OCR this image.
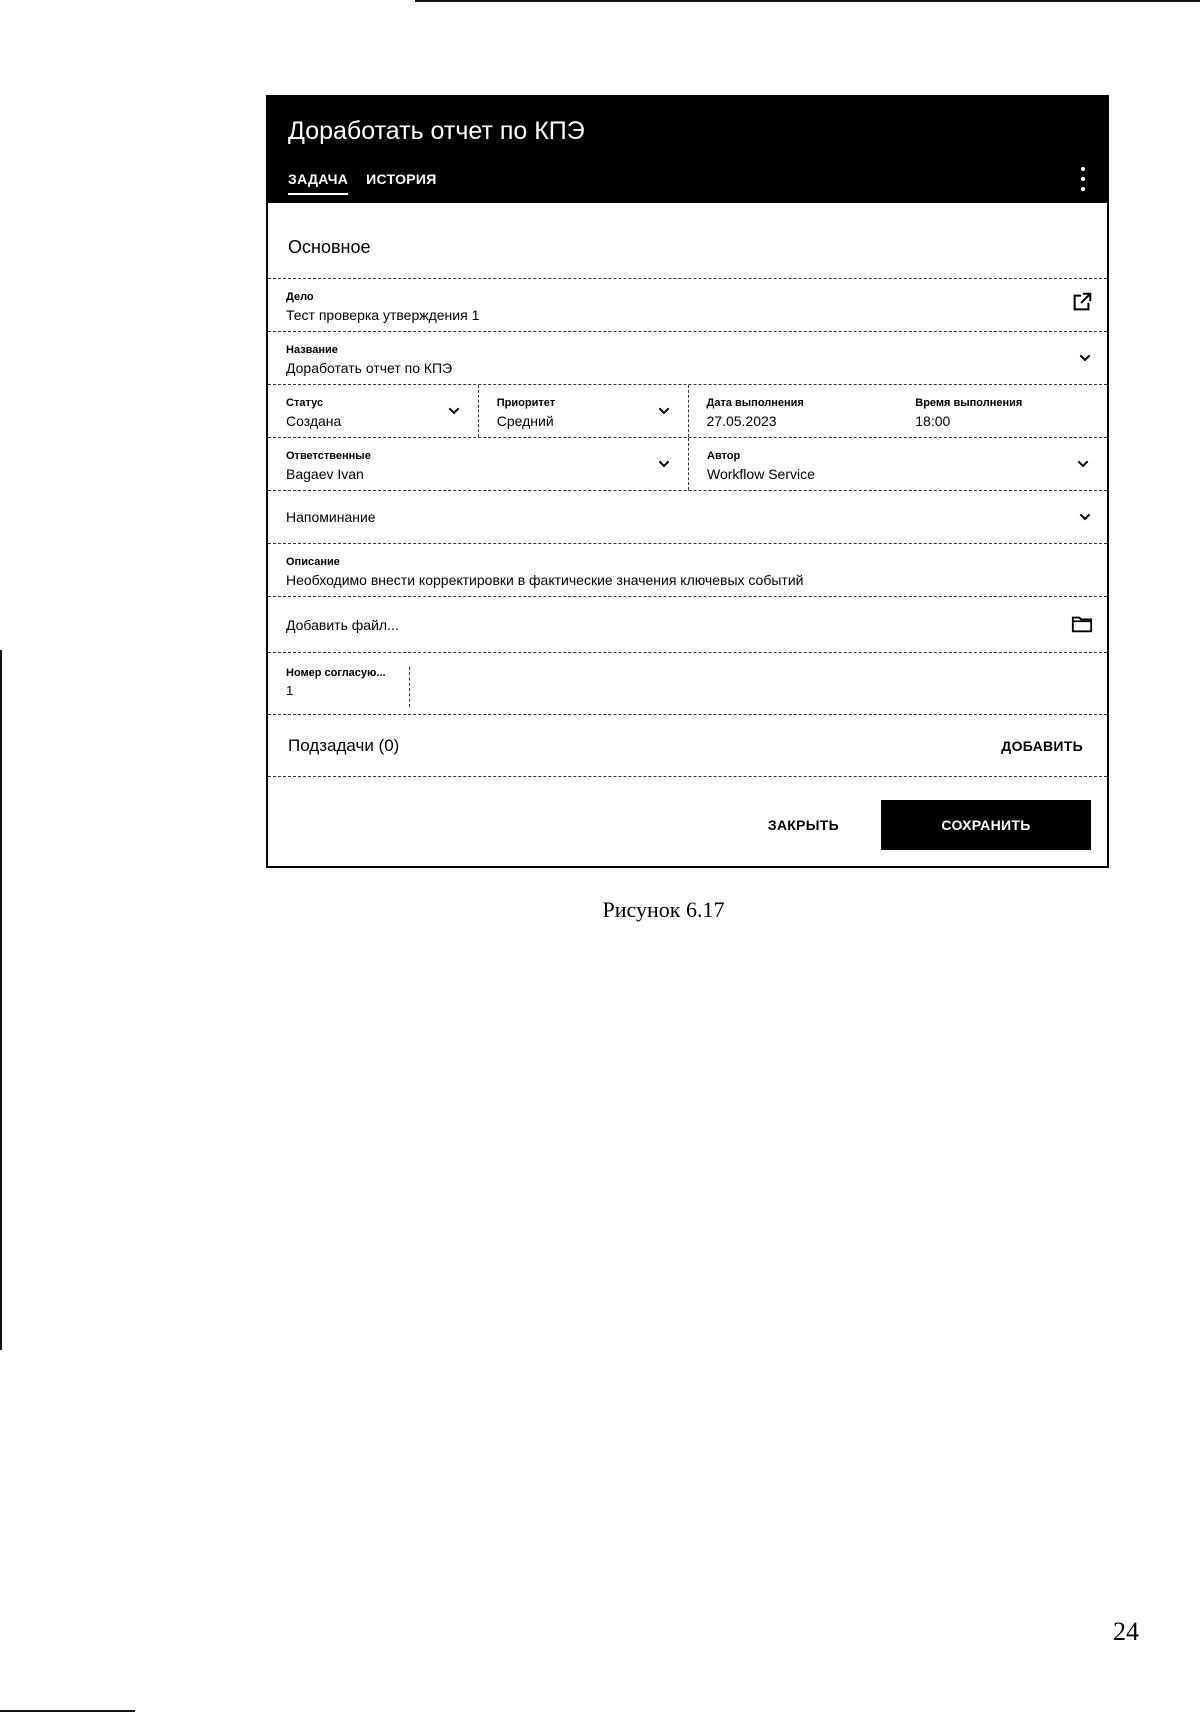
Доработать отчет по КПЭ
ЗАДАЧА ИСТОРИЯ
Основное
Дело
Тест проверка утверждения 1
Название
Доработать отчет по КПЭ
Статус
Создана
Приоритет
Средний
Дата выполнения
27.05.2023
Время выполнения
18:00
Ответственные
Bagaev Ivan
Автор
Workflow Service
Напоминание
Описание
Необходимо внести корректировки в фактические значения ключевых событий
Добавить файл...
Номер согласую...
1
Подзадачи (0)	ДОБАВИТЬ
ЗАКРЫТЬ	СОХРАНИТЬ
Рисунок 6.17
24
